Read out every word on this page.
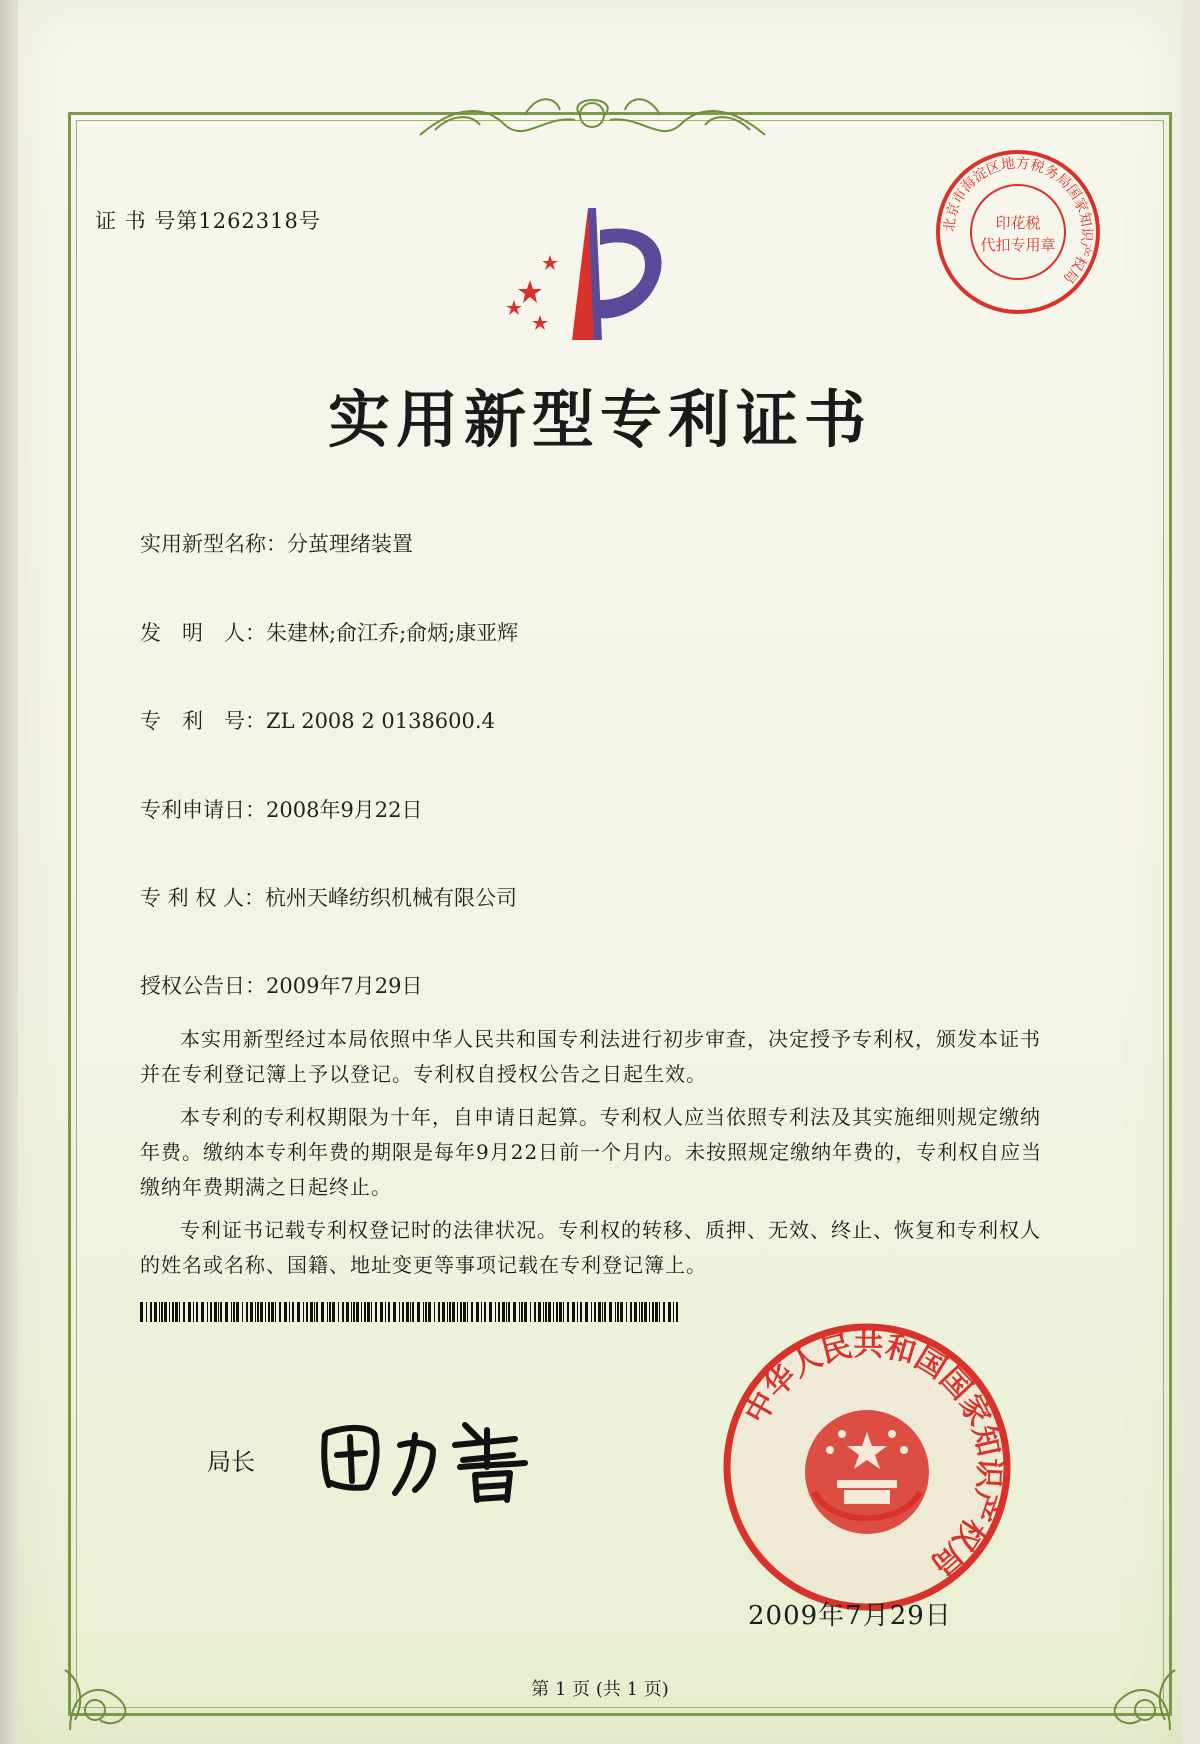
证 书 号第1262318号
实用新型专利证书
实用新型名称：分茧理绪装置
发　明　人：朱建林;俞江乔;俞炳;康亚辉
专　利　号：ZL 2008 2 0138600.4
专利申请日：2008年9月22日
专 利 权 人：杭州天峰纺织机械有限公司
授权公告日：2009年7月29日

本实用新型经过本局依照中华人民共和国专利法进行初步审查，决定授予专利权，颁发本证书并在专利登记簿上予以登记。专利权自授权公告之日起生效。

本专利的专利权期限为十年，自申请日起算。专利权人应当依照专利法及其实施细则规定缴纳年费。缴纳本专利年费的期限是每年9月22日前一个月内。未按照规定缴纳年费的，专利权自应当缴纳年费期满之日起终止。

专利证书记载专利权登记时的法律状况。专利权的转移、质押、无效、终止、恢复和专利权人的姓名或名称、国籍、地址变更等事项记载在专利登记簿上。

局长
北京市海淀区地方税务局国家知识产权局
印花税
代扣专用章
中华人民共和国国家知识产权局
2009年7月29日
第 1 页 (共 1 页)
